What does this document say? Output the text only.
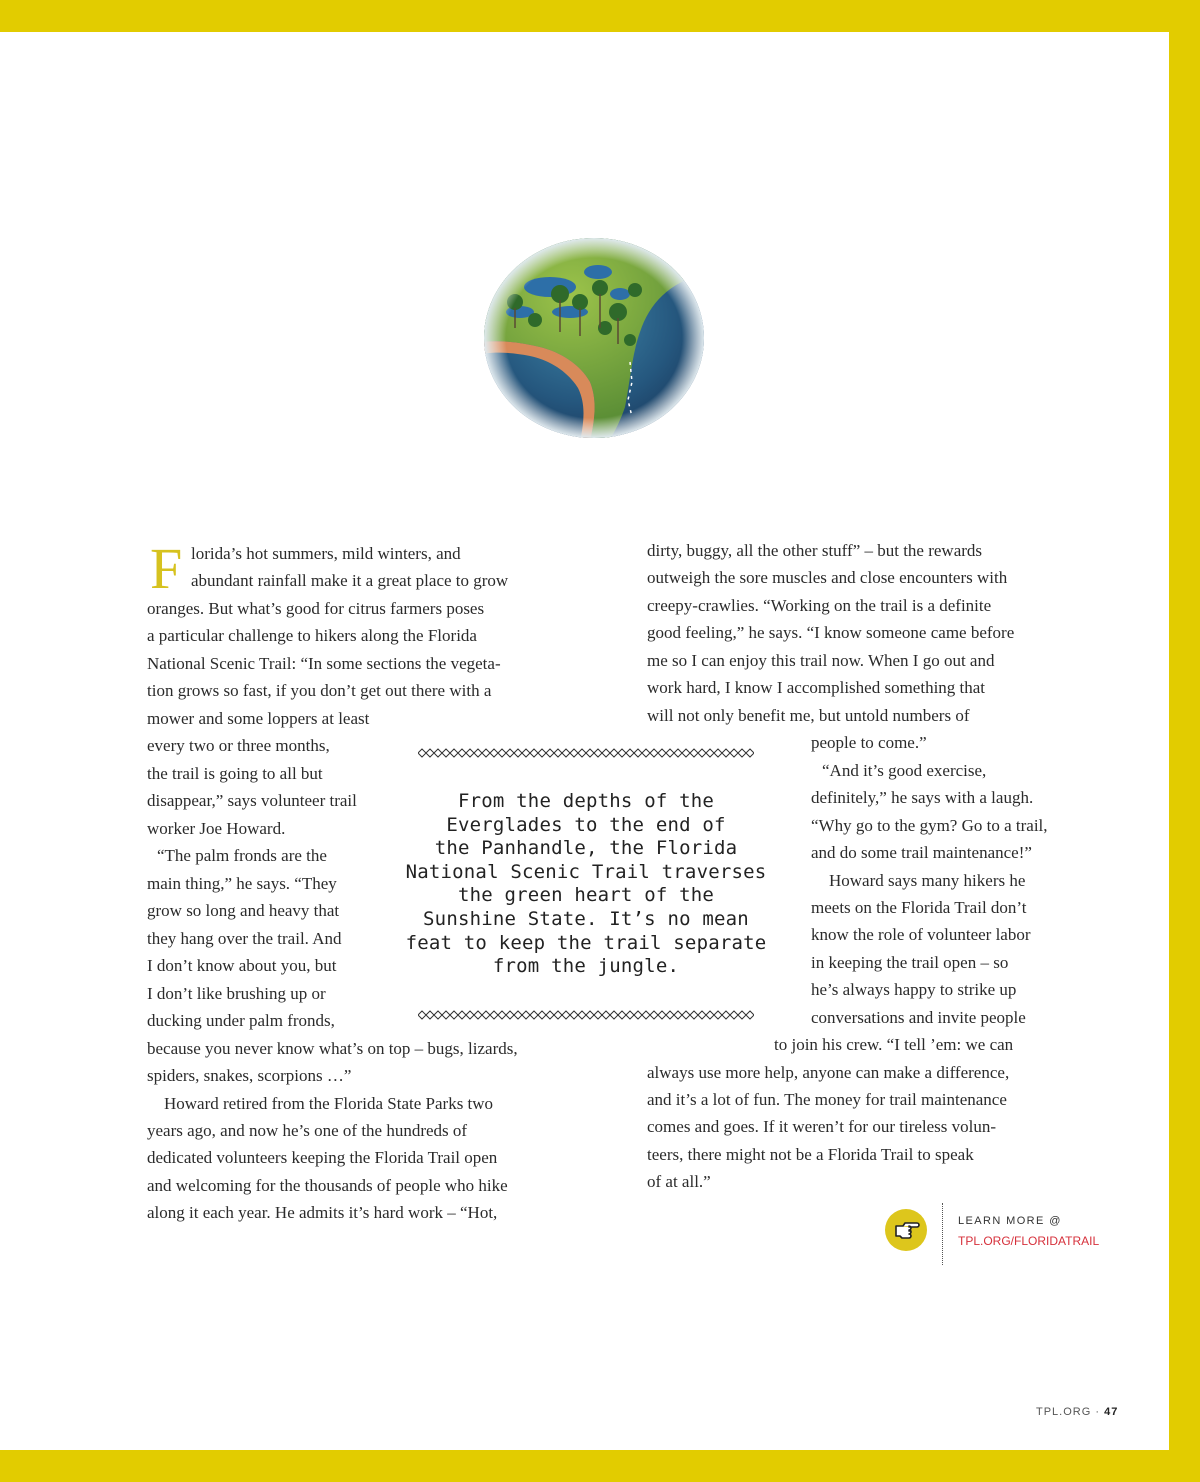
F lorida’s hot summers, mild winters, and
abundant rainfall make it a great place to grow
oranges. But what’s good for citrus farmers poses
a particular challenge to hikers along the Florida
National Scenic Trail: “In some sections the vegeta-
tion grows so fast, if you don’t get out there with a
mower and some loppers at least
every two or three months,
the trail is going to all but
disappear,” says volunteer trail
worker Joe Howard.
“The palm fronds are the
main thing,” he says. “They
grow so long and heavy that
they hang over the trail. And
I don’t know about you, but
I don’t like brushing up or
ducking under palm fronds,
because you never know what’s on top – bugs, lizards,
spiders, snakes, scorpions …”
Howard retired from the Florida State Parks two
years ago, and now he’s one of the hundreds of
dedicated volunteers keeping the Florida Trail open
and welcoming for the thousands of people who hike
along it each year. He admits it’s hard work – “Hot,
dirty, buggy, all the other stuff” – but the rewards
outweigh the sore muscles and close encounters with
creepy-crawlies. “Working on the trail is a definite
good feeling,” he says. “I know someone came before
me so I can enjoy this trail now. When I go out and
work hard, I know I accomplished something that
will not only benefit me, but untold numbers of
people to come.”
“And it’s good exercise,
definitely,” he says with a laugh.
“Why go to the gym? Go to a trail,
and do some trail maintenance!”
Howard says many hikers he
meets on the Florida Trail don’t
know the role of volunteer labor
in keeping the trail open – so
he’s always happy to strike up
conversations and invite people
to join his crew. “I tell ’em: we can
always use more help, anyone can make a difference,
and it’s a lot of fun. The money for trail maintenance
comes and goes. If it weren’t for our tireless volun-
teers, there might not be a Florida Trail to speak
of at all.”
From the depths of the
Everglades to the end of
the Panhandle, the Florida
National Scenic Trail traverses
the green heart of the
Sunshine State. It’s no mean
feat to keep the trail separate
from the jungle.
LEARN MORE @
TPL.ORG/FLORIDATRAIL
TPL.ORG · 47
